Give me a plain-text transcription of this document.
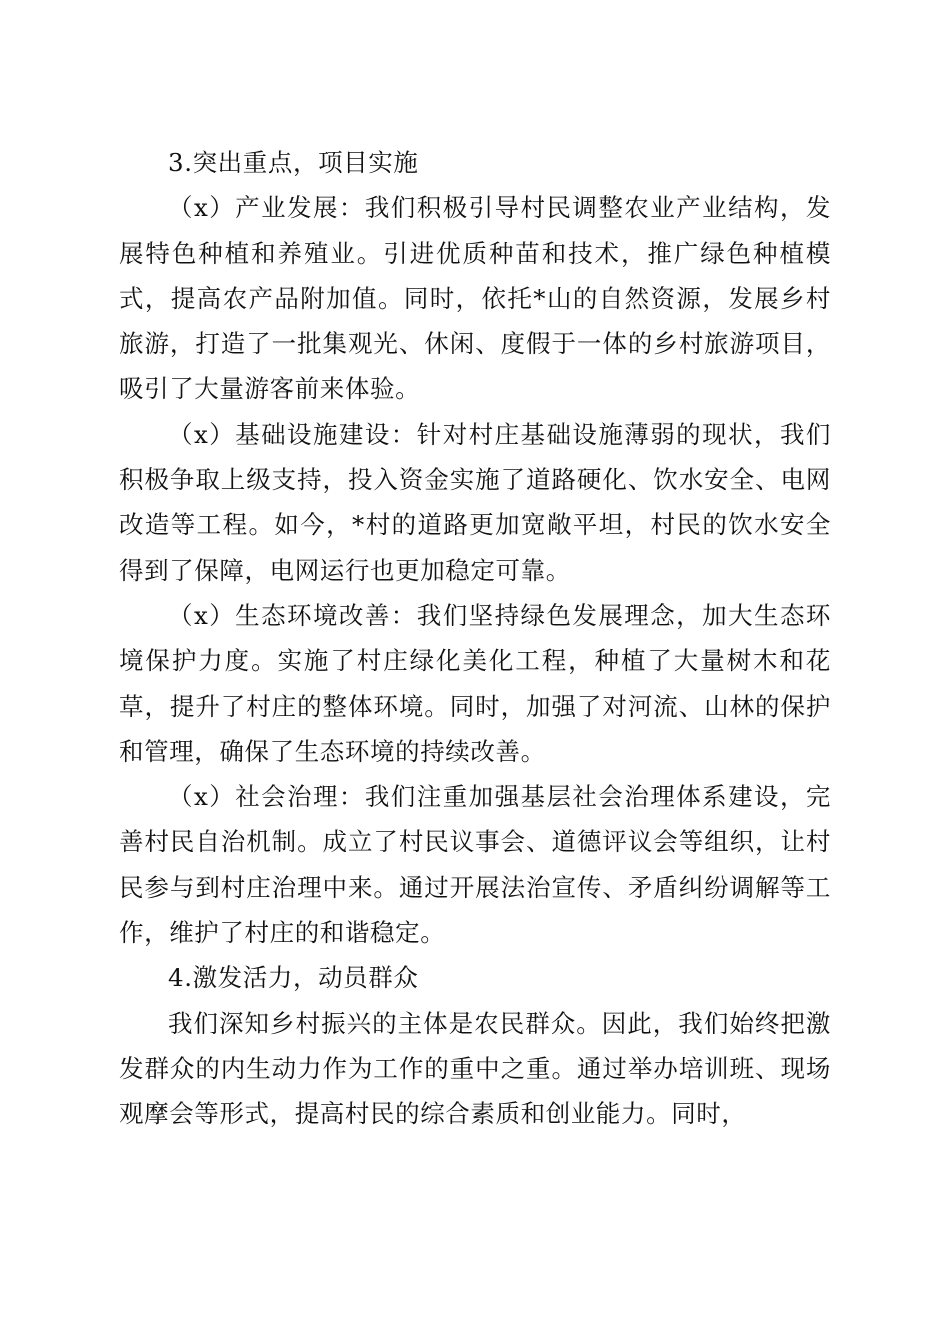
3.突出重点，项目实施

（x）产业发展：我们积极引导村民调整农业产业结构，发展特色种植和养殖业。引进优质种苗和技术，推广绿色种植模式，提高农产品附加值。同时，依托*山的自然资源，发展乡村旅游，打造了一批集观光、休闲、度假于一体的乡村旅游项目，吸引了大量游客前来体验。

（x）基础设施建设：针对村庄基础设施薄弱的现状，我们积极争取上级支持，投入资金实施了道路硬化、饮水安全、电网改造等工程。如今，*村的道路更加宽敞平坦，村民的饮水安全得到了保障，电网运行也更加稳定可靠。

（x）生态环境改善：我们坚持绿色发展理念，加大生态环境保护力度。实施了村庄绿化美化工程，种植了大量树木和花草，提升了村庄的整体环境。同时，加强了对河流、山林的保护和管理，确保了生态环境的持续改善。

（x）社会治理：我们注重加强基层社会治理体系建设，完善村民自治机制。成立了村民议事会、道德评议会等组织，让村民参与到村庄治理中来。通过开展法治宣传、矛盾纠纷调解等工作，维护了村庄的和谐稳定。

4.激发活力，动员群众

我们深知乡村振兴的主体是农民群众。因此，我们始终把激发群众的内生动力作为工作的重中之重。通过举办培训班、现场观摩会等形式，提高村民的综合素质和创业能力。同时，
